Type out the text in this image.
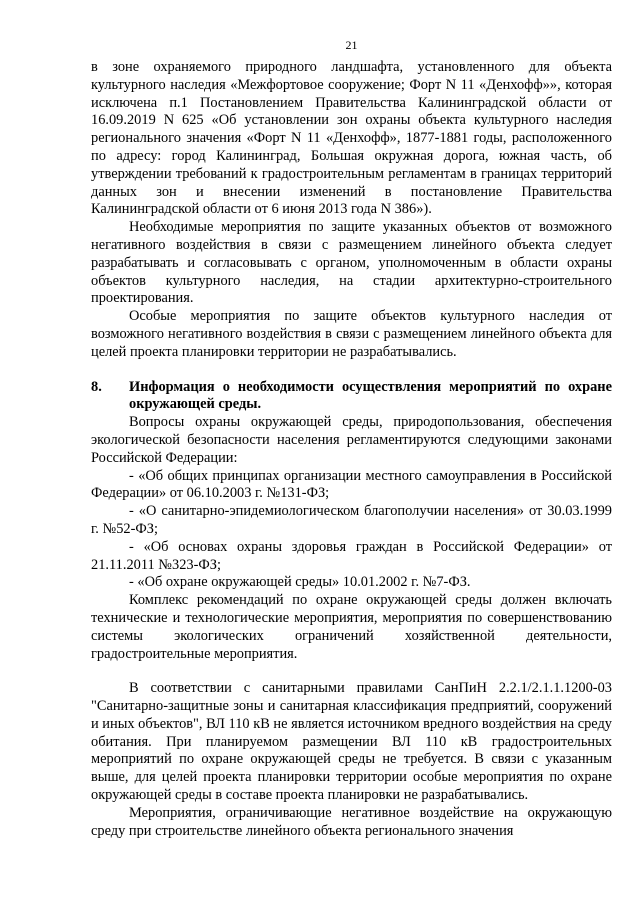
21

в зоне охраняемого природного ландшафта, установленного для объекта культурного наследия «Межфортовое сооружение; Форт N 11 «Денхофф»», которая исключена п.1 Постановлением Правительства Калининградской области от 16.09.2019 N 625 «Об установлении зон охраны объекта культурного наследия регионального значения «Форт N 11 «Денхофф», 1877-1881 годы, расположенного по адресу: город Калининград, Большая окружная дорога, южная часть, об утверждении требований к градостроительным регламентам в границах территорий данных зон и внесении изменений в постановление Правительства Калининградской области от 6 июня 2013 года N 386»).

Необходимые мероприятия по защите указанных объектов от возможного негативного воздействия в связи с размещением линейного объекта следует разрабатывать и согласовывать с органом, уполномоченным в области охраны объектов культурного наследия, на стадии архитектурно-строительного проектирования.

Особые мероприятия по защите объектов культурного наследия от возможного негативного воздействия в связи с размещением линейного объекта для целей проекта планировки территории не разрабатывались.

8.	Информация о необходимости осуществления мероприятий по охране окружающей среды.

Вопросы охраны окружающей среды, природопользования, обеспечения экологической безопасности населения регламентируются следующими законами Российской Федерации:

- «Об общих принципах организации местного самоуправления в Российской Федерации» от 06.10.2003 г. №131-ФЗ;

- «О санитарно-эпидемиологическом благополучии населения» от 30.03.1999 г. №52-ФЗ;

- «Об основах охраны здоровья граждан в Российской Федерации» от 21.11.2011 №323-ФЗ;

- «Об охране окружающей среды» 10.01.2002 г. №7-ФЗ.

Комплекс рекомендаций по охране окружающей среды должен включать технические и технологические мероприятия, мероприятия по совершенствованию системы экологических ограничений хозяйственной деятельности, градостроительные мероприятия.

В соответствии с санитарными правилами СанПиН 2.2.1/2.1.1.1200-03 "Санитарно-защитные зоны и санитарная классификация предприятий, сооружений и иных объектов", ВЛ 110 кВ не является источником вредного воздействия на среду обитания. При планируемом размещении ВЛ 110 кВ градостроительных мероприятий по охране окружающей среды не требуется. В связи с указанным выше, для целей проекта планировки территории особые мероприятия по охране окружающей среды в составе проекта планировки не разрабатывались.

Мероприятия, ограничивающие негативное воздействие на окружающую среду при строительстве линейного объекта регионального значения
